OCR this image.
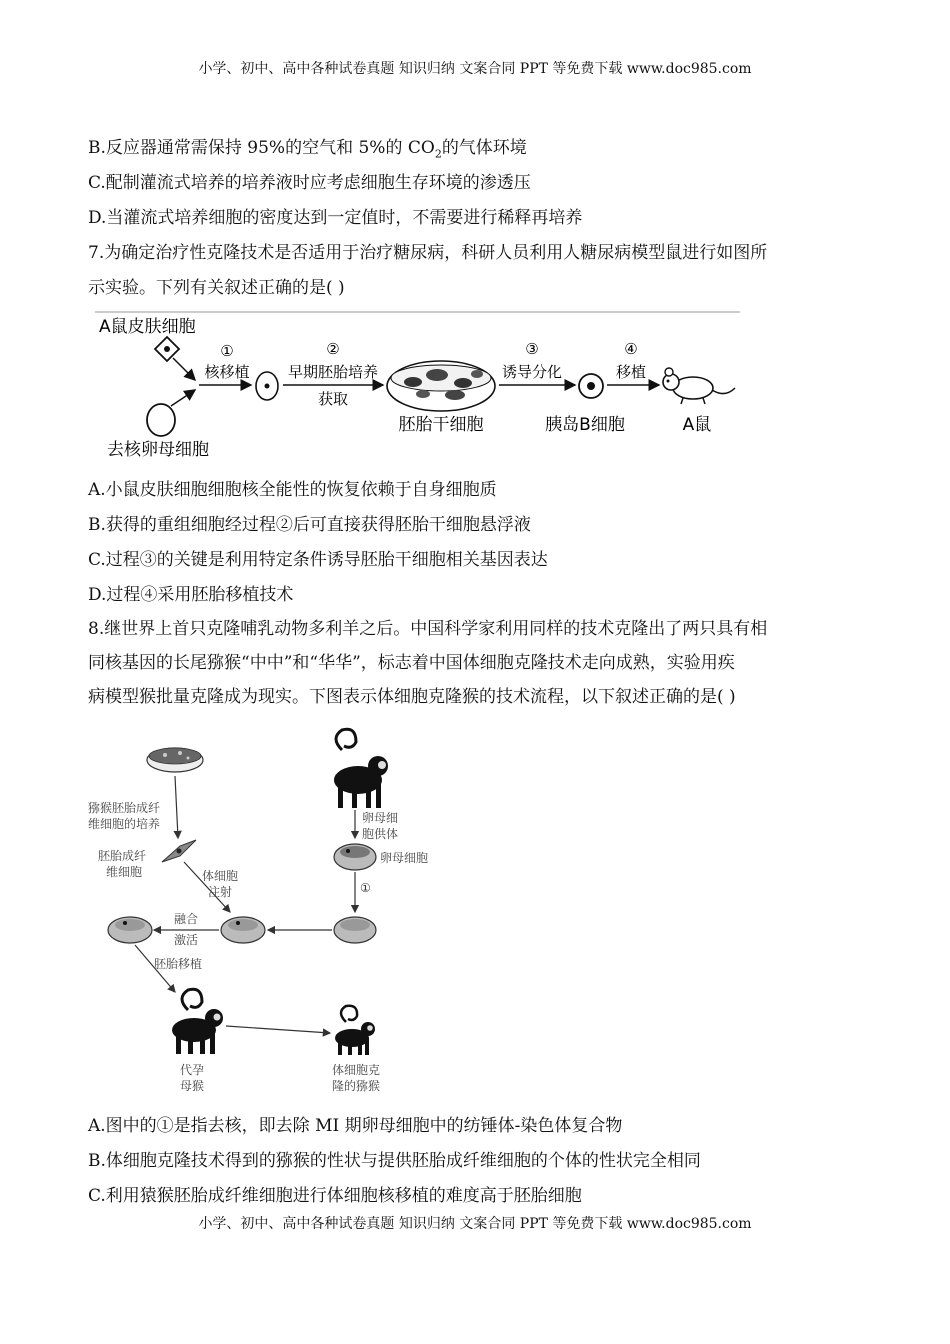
小学、初中、高中各种试卷真题 知识归纳 文案合同 PPT 等免费下载 www.doc985.com
B.反应器通常需保持 95%的空气和 5%的 $CO_2$的气体环境
C.配制灌流式培养的培养液时应考虑细胞生存环境的渗透压
D.当灌流式培养细胞的密度达到一定值时，不需要进行稀释再培养
7.为确定治疗性克隆技术是否适用于治疗糖尿病，科研人员利用人糖尿病模型鼠进行如图所
示实验。下列有关叙述正确的是( )
A鼠皮肤细胞
去核卵母细胞
①
核移植
②
早期胚胎培养
获取
胚胎干细胞
③
诱导分化
胰岛B细胞
④
移植
A鼠
A.小鼠皮肤细胞细胞核全能性的恢复依赖于自身细胞质
B.获得的重组细胞经过程②后可直接获得胚胎干细胞悬浮液
C.过程③的关键是利用特定条件诱导胚胎干细胞相关基因表达
D.过程④采用胚胎移植技术
8.继世界上首只克隆哺乳动物多利羊之后。中国科学家利用同样的技术克隆出了两只具有相
同核基因的长尾猕猴“中中”和“华华”，标志着中国体细胞克隆技术走向成熟，实验用疾
病模型猴批量克隆成为现实。下图表示体细胞克隆猴的技术流程，以下叙述正确的是( )
猕猴胚胎成纤
维细胞的培养
胚胎成纤
维细胞	体细胞
注射
卵母细
胞供体
卵母细胞
①
融合
激活
胚胎移植
代孕
母猴
体细胞克
隆的猕猴
A.图中的①是指去核，即去除 MI 期卵母细胞中的纺锤体-染色体复合物
B.体细胞克隆技术得到的猕猴的性状与提供胚胎成纤维细胞的个体的性状完全相同
C.利用猿猴胚胎成纤维细胞进行体细胞核移植的难度高于胚胎细胞
小学、初中、高中各种试卷真题 知识归纳 文案合同 PPT 等免费下载 www.doc985.com
